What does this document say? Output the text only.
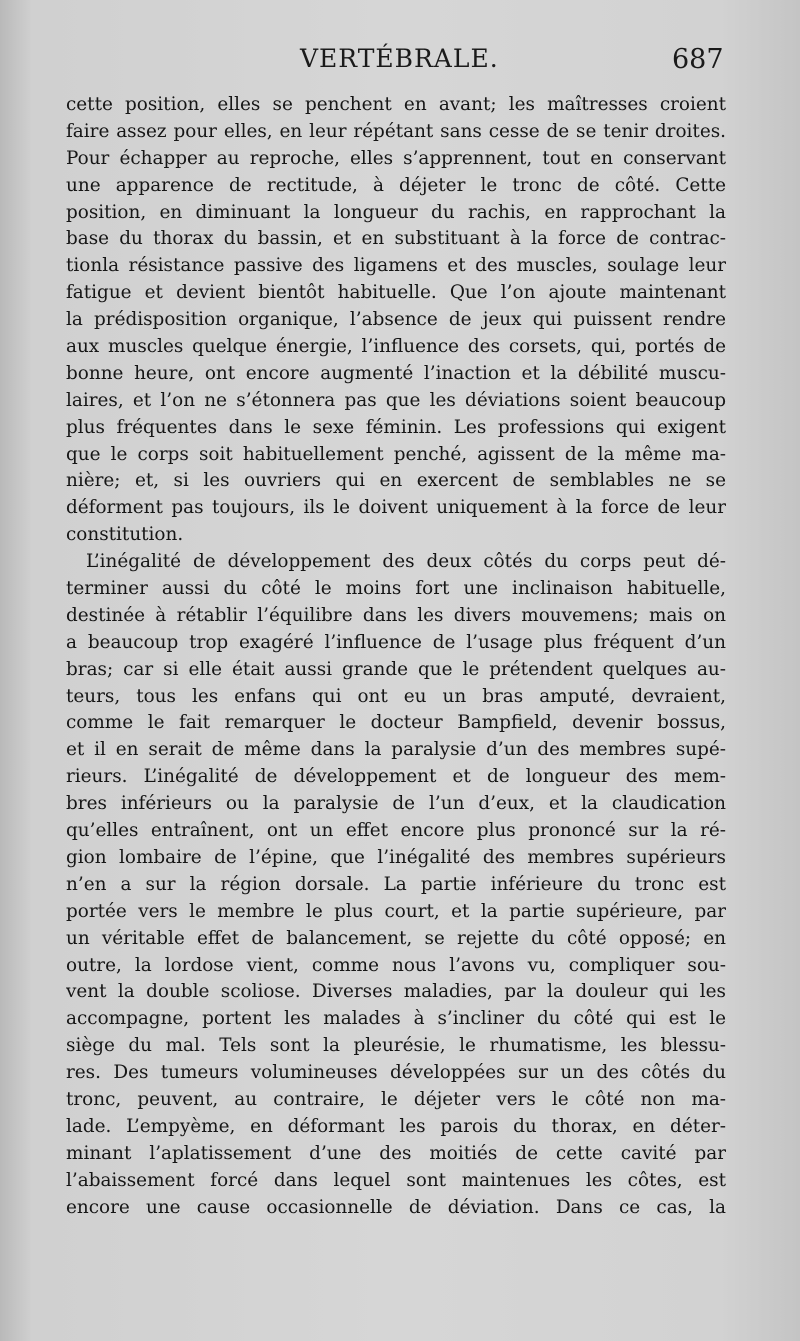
VERTÉBRALE.	687
cette position, elles se penchent en avant; les maîtresses croient
faire assez pour elles, en leur répétant sans cesse de se tenir droites.
Pour échapper au reproche, elles s’apprennent, tout en conservant
une apparence de rectitude, à déjeter le tronc de côté. Cette
position, en diminuant la longueur du rachis, en rapprochant la
base du thorax du bassin, et en substituant à la force de contrac-
tionla résistance passive des ligamens et des muscles, soulage leur
fatigue et devient bientôt habituelle. Que l’on ajoute maintenant
la prédisposition organique, l’absence de jeux qui puissent rendre
aux muscles quelque énergie, l’influence des corsets, qui, portés de
bonne heure, ont encore augmenté l’inaction et la débilité muscu-
laires, et l’on ne s’étonnera pas que les déviations soient beaucoup
plus fréquentes dans le sexe féminin. Les professions qui exigent
que le corps soit habituellement penché, agissent de la même ma-
nière; et, si les ouvriers qui en exercent de semblables ne se
déforment pas toujours, ils le doivent uniquement à la force de leur
constitution.
L’inégalité de développement des deux côtés du corps peut dé-
terminer aussi du côté le moins fort une inclinaison habituelle,
destinée à rétablir l’équilibre dans les divers mouvemens; mais on
a beaucoup trop exagéré l’influence de l’usage plus fréquent d’un
bras; car si elle était aussi grande que le prétendent quelques au-
teurs, tous les enfans qui ont eu un bras amputé, devraient,
comme le fait remarquer le docteur Bampfield, devenir bossus,
et il en serait de même dans la paralysie d’un des membres supé-
rieurs. L’inégalité de développement et de longueur des mem-
bres inférieurs ou la paralysie de l’un d’eux, et la claudication
qu’elles entraînent, ont un effet encore plus prononcé sur la ré-
gion lombaire de l’épine, que l’inégalité des membres supérieurs
n’en a sur la région dorsale. La partie inférieure du tronc est
portée vers le membre le plus court, et la partie supérieure, par
un véritable effet de balancement, se rejette du côté opposé; en
outre, la lordose vient, comme nous l’avons vu, compliquer sou-
vent la double scoliose. Diverses maladies, par la douleur qui les
accompagne, portent les malades à s’incliner du côté qui est le
siège du mal. Tels sont la pleurésie, le rhumatisme, les blessu-
res. Des tumeurs volumineuses développées sur un des côtés du
tronc, peuvent, au contraire, le déjeter vers le côté non ma-
lade. L’empyème, en déformant les parois du thorax, en déter-
minant l’aplatissement d’une des moitiés de cette cavité par
l’abaissement forcé dans lequel sont maintenues les côtes, est
encore une cause occasionnelle de déviation. Dans ce cas, la
